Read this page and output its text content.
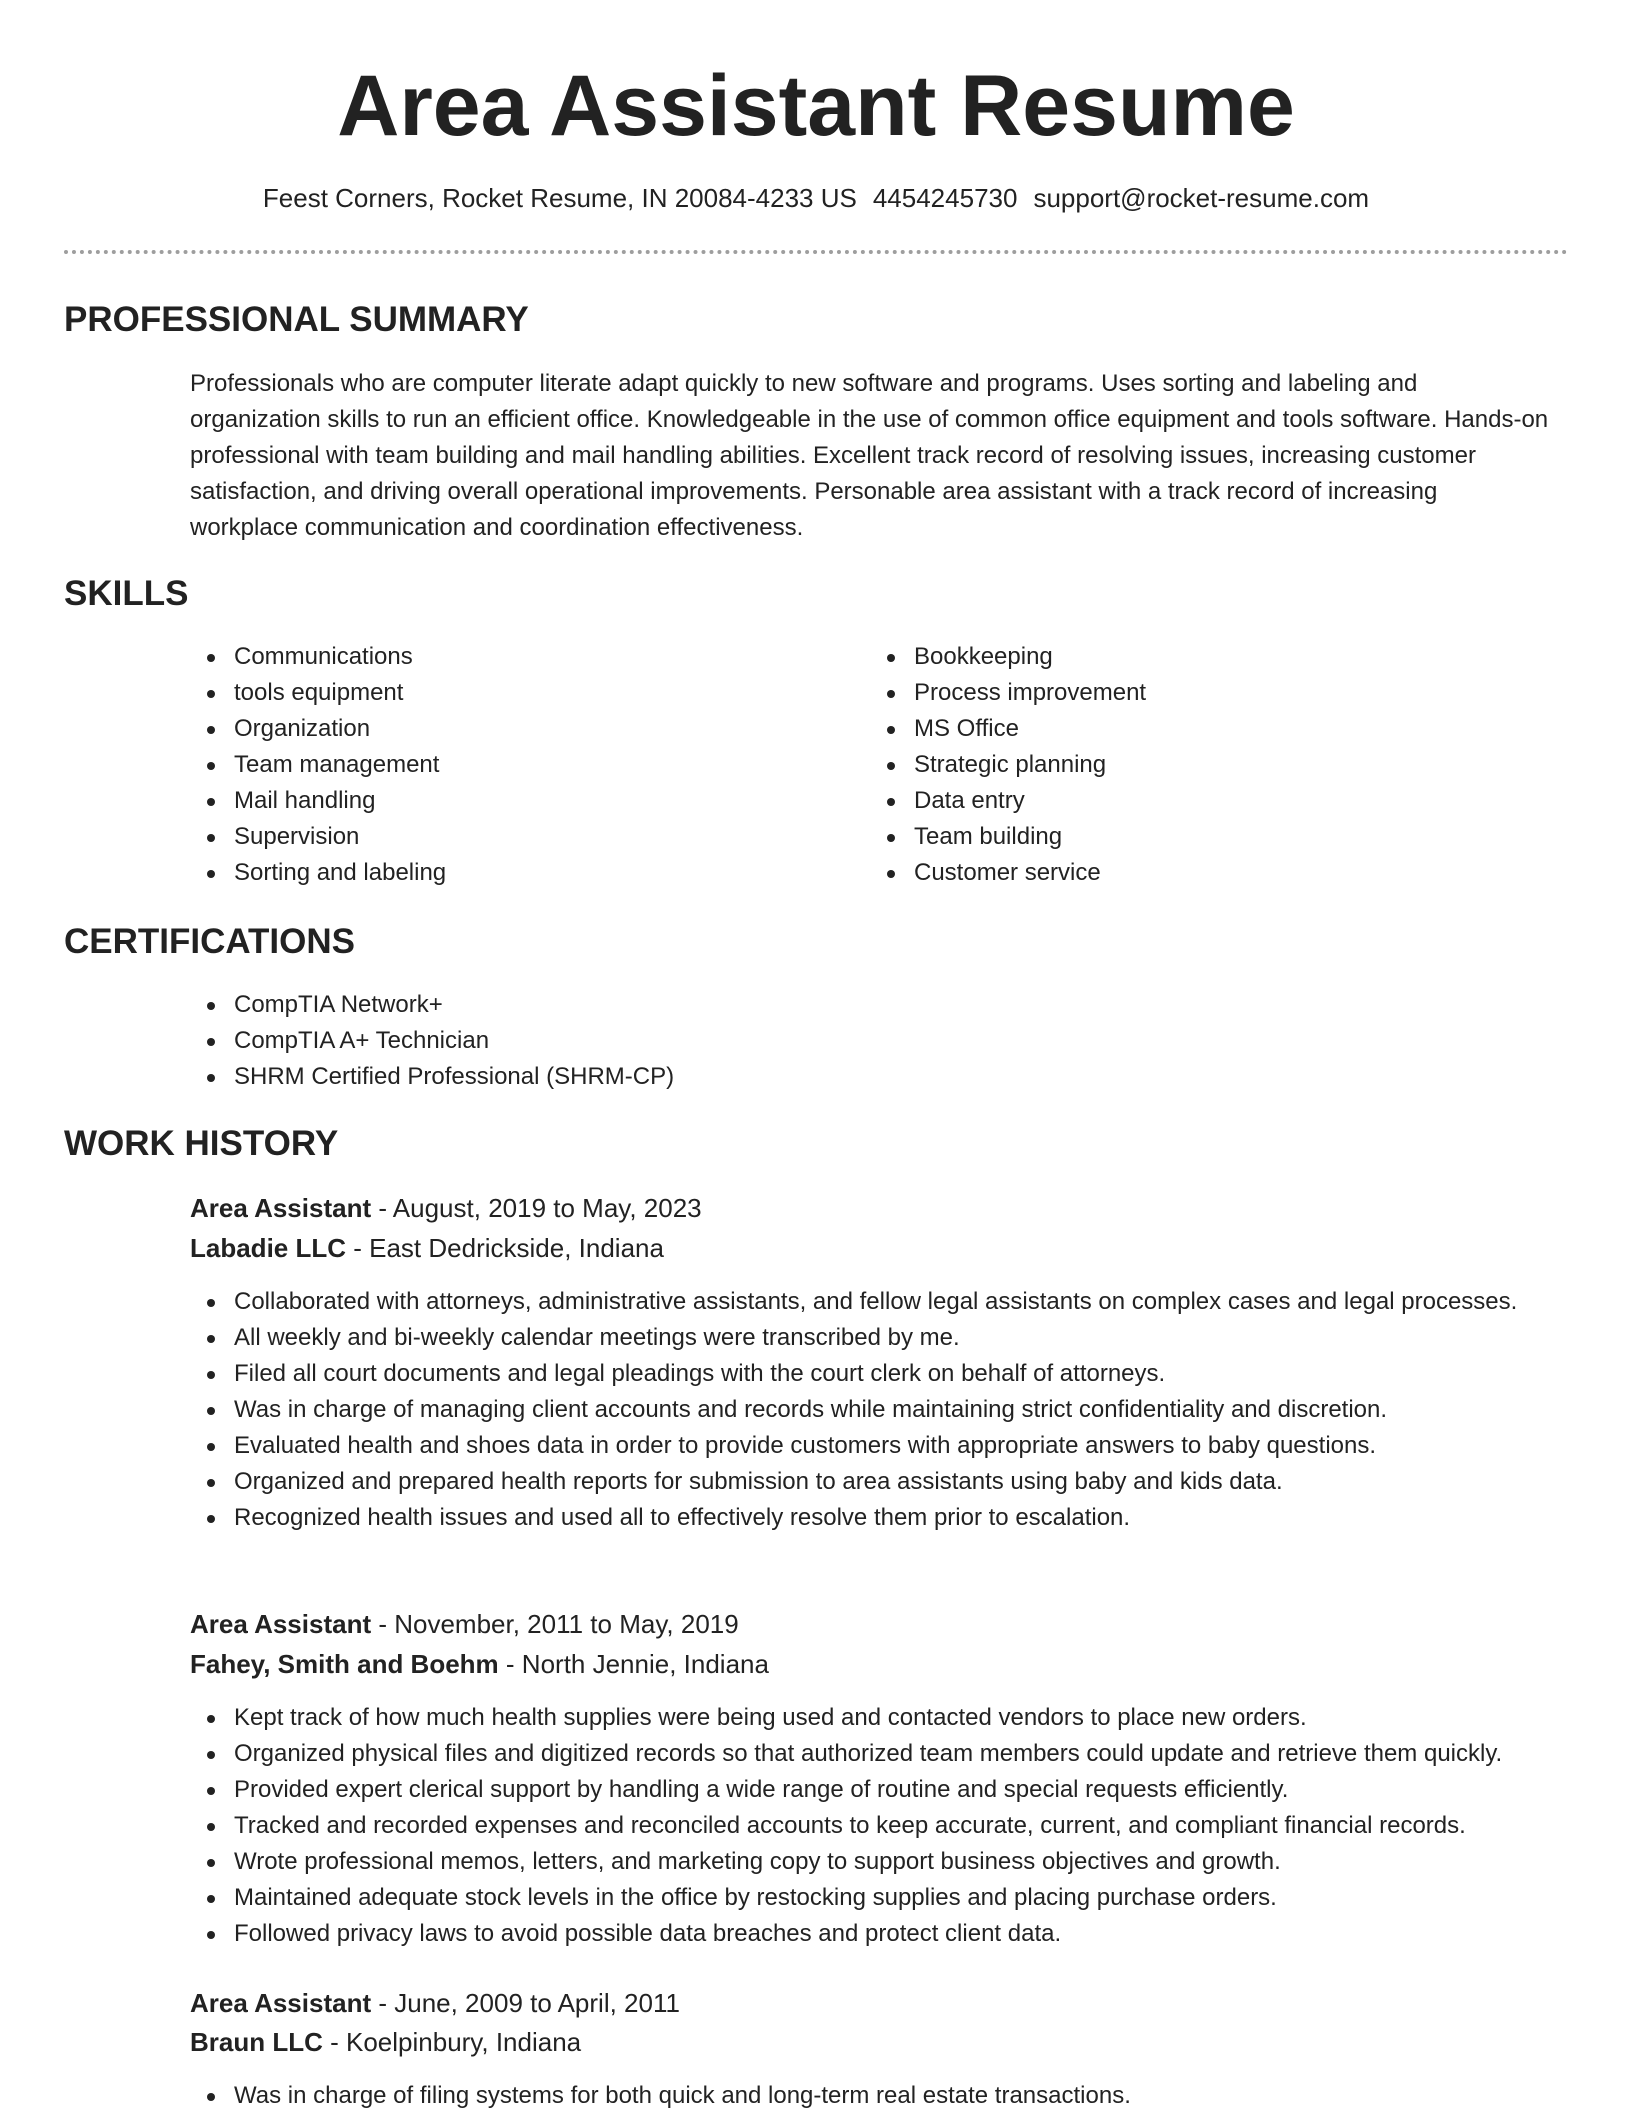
Area Assistant Resume
Feest Corners, Rocket Resume, IN 20084-4233 US 4454245730 support@rocket-resume.com
PROFESSIONAL SUMMARY

Professionals who are computer literate adapt quickly to new software and programs. Uses sorting and labeling and organization skills to run an efficient office. Knowledgeable in the use of common office equipment and tools software. Hands-on professional with team building and mail handling abilities. Excellent track record of resolving issues, increasing customer satisfaction, and driving overall operational improvements. Personable area assistant with a track record of increasing workplace communication and coordination effectiveness.

SKILLS
Communications
tools equipment
Organization
Team management
Mail handling
Supervision
Sorting and labeling
Bookkeeping
Process improvement
MS Office
Strategic planning
Data entry
Team building
Customer service
CERTIFICATIONS
CompTIA Network+
CompTIA A+ Technician
SHRM Certified Professional (SHRM-CP)
WORK HISTORY
Area Assistant - August, 2019 to May, 2023
Labadie LLC - East Dedrickside, Indiana
Collaborated with attorneys, administrative assistants, and fellow legal assistants on complex cases and legal processes.
All weekly and bi-weekly calendar meetings were transcribed by me.
Filed all court documents and legal pleadings with the court clerk on behalf of attorneys.
Was in charge of managing client accounts and records while maintaining strict confidentiality and discretion.
Evaluated health and shoes data in order to provide customers with appropriate answers to baby questions.
Organized and prepared health reports for submission to area assistants using baby and kids data.
Recognized health issues and used all to effectively resolve them prior to escalation.
Area Assistant - November, 2011 to May, 2019
Fahey, Smith and Boehm - North Jennie, Indiana
Kept track of how much health supplies were being used and contacted vendors to place new orders.
Organized physical files and digitized records so that authorized team members could update and retrieve them quickly.
Provided expert clerical support by handling a wide range of routine and special requests efficiently.
Tracked and recorded expenses and reconciled accounts to keep accurate, current, and compliant financial records.
Wrote professional memos, letters, and marketing copy to support business objectives and growth.
Maintained adequate stock levels in the office by restocking supplies and placing purchase orders.
Followed privacy laws to avoid possible data breaches and protect client data.
Area Assistant - June, 2009 to April, 2011
Braun LLC - Koelpinbury, Indiana
Was in charge of filing systems for both quick and long-term real estate transactions.
